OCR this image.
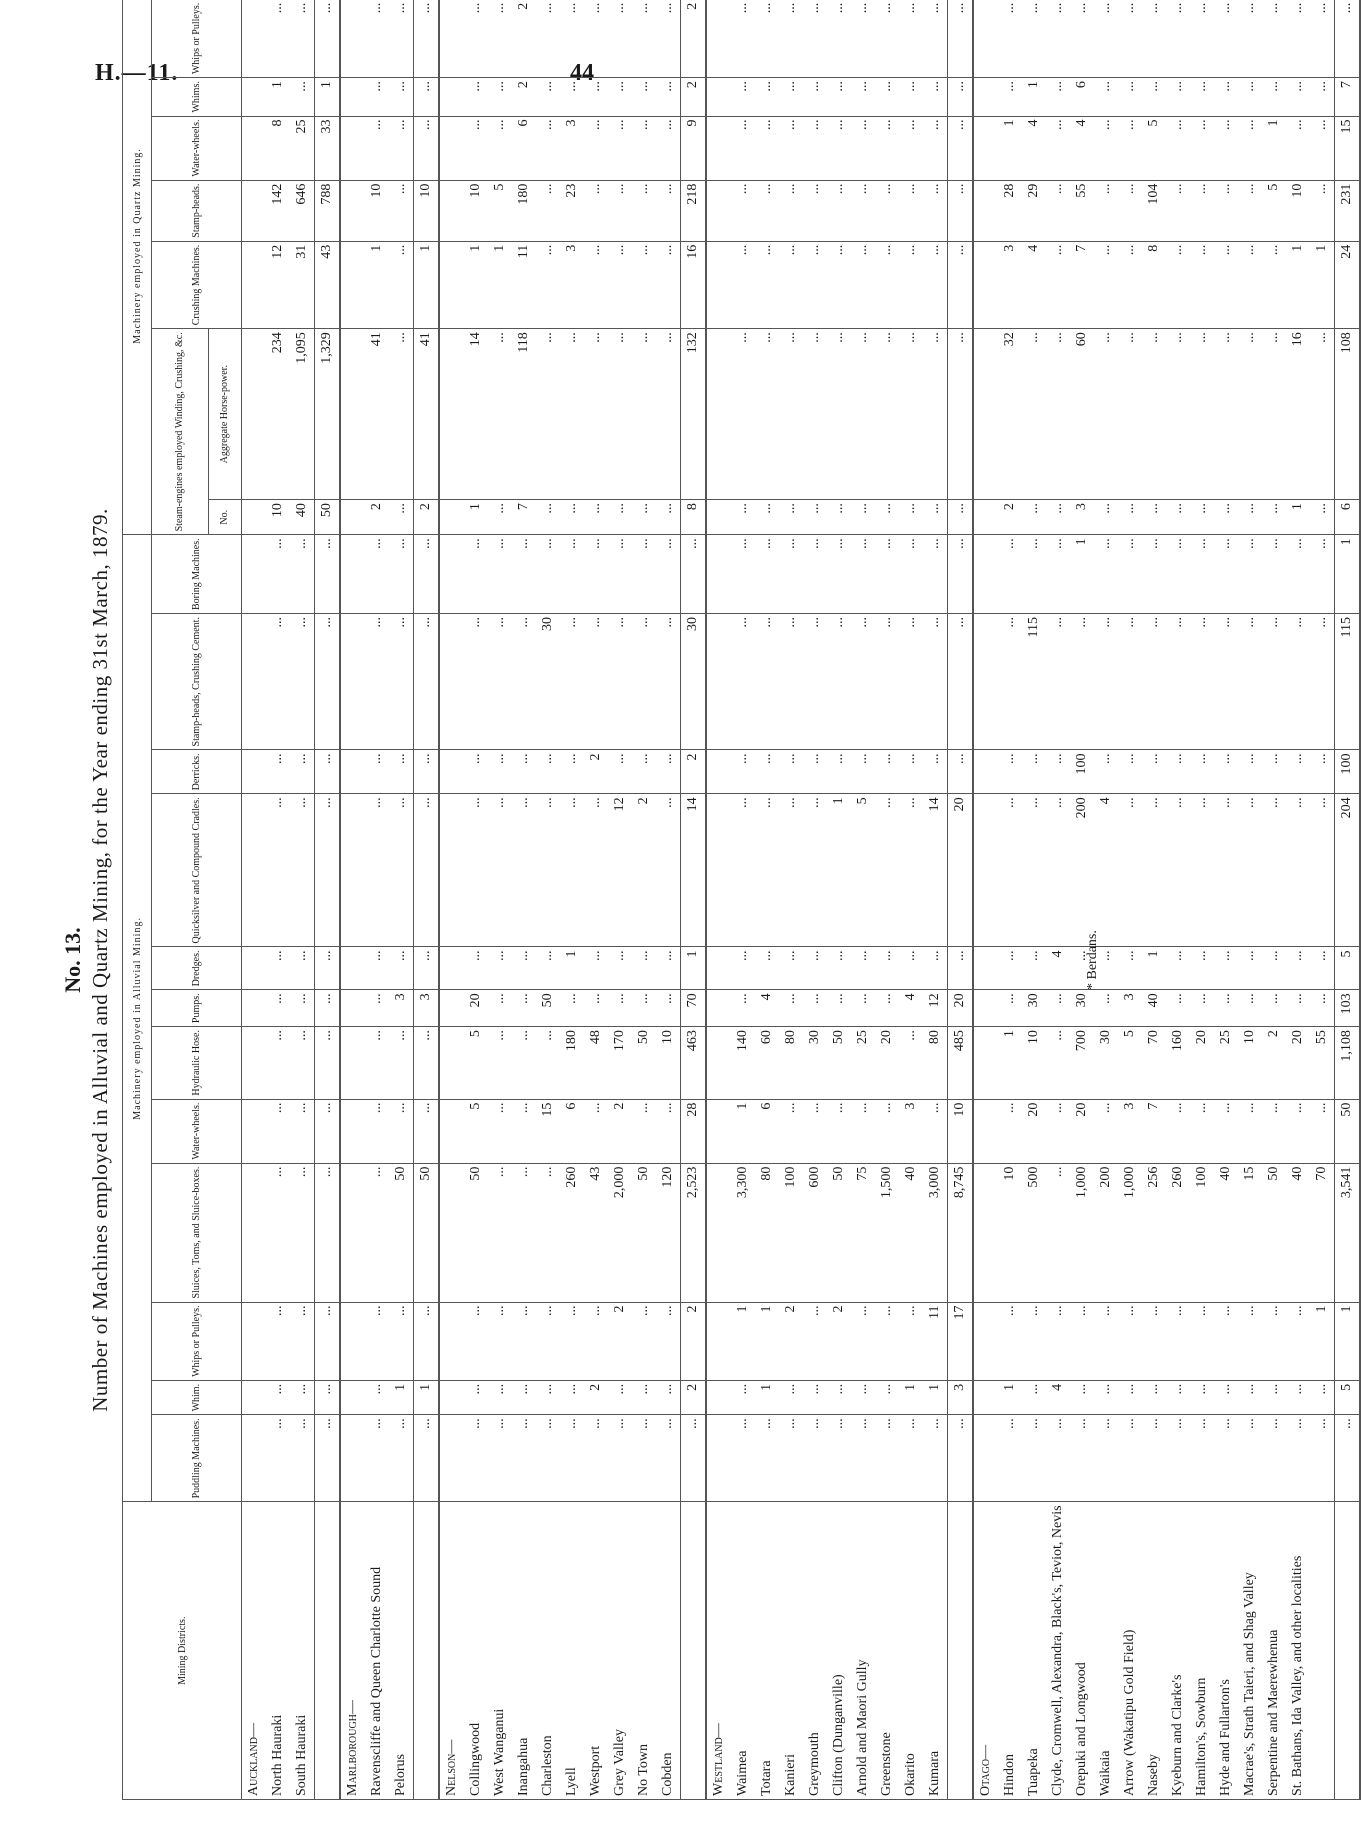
H.—11.	44
No. 13. Number of Machines employed in Alluvial and Quartz Mining, for the Year ending 31st March, 1879.
Mining Districts.	Machinery employed in Alluvial Mining.												Machinery employed in Quartz Mining.	
	Puddling Machines.	Whim.	Whips or Pulleys.	Sluices, Toms, and Sluice-boxes.	Water-wheels.	Hydraulic Hose.	Pumps.	Dredges.	Quicksilver and Compound Cradles.	Derricks.	Stamp-heads, Crushing Cement.	Boring Machines.	Steam-engines employed Winding, Crushing, &c.		Crushing Machines.	Stamp-heads.	Water-wheels.	Whims.	Whips or Pulleys.	
													No.	Aggregate Horse-power.							
Auckland—																					
North Hauraki	...	...	...	...	...	...	...	...	...	...	...	...	10	234	12	142	8	1	...		
South Hauraki	...	...	...	...	...	...	...	...	...	...	...	...	40	1,095	31	646	25	...	...		
	...	...	...	...	...	...	...	...	...	...	...	...	50	1,329	43	788	33	1	...		
Marlborough—																					
Ravenscliffe and Queen Charlotte Sound	...	...	...	...	...	...	...	...	...	...	...	...	2	41	1	10	...	...	...		
Pelorus	...	1	...	50	...	...	3	...	...	...	...	...	...	...	...	...	...	...	...		
	...	1	...	50	...	...	3	...	...	...	...	...	2	41	1	10	...	...	...		
Nelson—																					
Collingwood	...	...	...	50	5	5	20	...	...	...	...	...	1	14	1	10	...	...	...		
West Wanganui	...	...	...	...	...	...	...	...	...	...	...	...	...	...	1	5	...	...	...		
Inangahua	...	...	...	...	...	...	...	...	...	...	...	...	7	118	11	180	6	2	2		
Charleston	...	...	...	...	15	...	50	...	...	...	30	...	...	...	...	...	...	...	...		
Lyell	...	...	...	260	6	180	...	1	...	...	...	...	...	...	3	23	3	...	...		
Westport	...	2	...	43	...	48	...	...	...	2	...	...	...	...	...	...	...	...	...		
Grey Valley	...	...	2	2,000	2	170	...	...	12	...	...	...	...	...	...	...	...	...	...		
No Town	...	...	...	50	...	50	...	...	2	...	...	...	...	...	...	...	...	...	...		
Cobden	...	...	...	120	...	10	...	...	...	...	...	...	...	...	...	...	...	...	...		
	...	2	2	2,523	28	463	70	1	14	2	30	...	8	132	16	218	9	2	2		
Westland—																					
Waimea	...	...	1	3,300	1	140	...	...	...	...	...	...	...	...	...	...	...	...	...		
Totara	...	1	1	80	6	60	4	...	...	...	...	...	...	...	...	...	...	...	...		
Kanieri	...	...	2	100	...	80	...	...	...	...	...	...	...	...	...	...	...	...	...		
Greymouth	...	...	...	600	...	30	...	...	...	...	...	...	...	...	...	...	...	...	...		
Clifton (Dunganville)	...	...	2	50	...	50	...	...	1	...	...	...	...	...	...	...	...	...	...		
Arnold and Maori Gully	...	...	...	75	...	25	...	...	5	...	...	...	...	...	...	...	...	...	...		
Greenstone	...	...	...	1,500	...	20	...	...	...	...	...	...	...	...	...	...	...	...	...		
Okarito	...	1	...	40	3	...	4	...	...	...	...	...	...	...	...	...	...	...	...		
Kumara	...	1	11	3,000	...	80	12	...	14	...	...	...	...	...	...	...	...	...	...		
	...	3	17	8,745	10	485	20	...	20	...	...	...	...	...	...	...	...	...	...		
Otago—																					
Hindon	...	1	...	10	...	1	...	...	...	...	...	...	2	32	3	28	1	...	...		
Tuapeka	...	...	...	500	20	10	30	...	...	...	115	...	...	...	4	29	4	1	...		
Clyde, Cromwell, Alexandra, Black's, Teviot, Nevis	...	4	...	...	...	...	...	4	...	...	...	...	...	...	...	...	...	...	...		
Orepuki and Longwood	...	...	...	1,000	20	700	30	...	200	100	...	1	3	60	7	55	4	6	...		
Waikaia	...	...	...	200	...	30	...	...	4	...	...	...	...	...	...	...	...	...	...		
Arrow (Wakatipu Gold Field)	...	...	...	1,000	3	5	3	...	...	...	...	...	...	...	...	...	...	...	...		
Naseby	...	...	...	256	7	70	40	1	...	...	...	...	...	...	8	104	5	...	...		
Kyeburn and Clarke's	...	...	...	260	...	160	...	...	...	...	...	...	...	...	...	...	...	...	...		
Hamilton's, Sowburn	...	...	...	100	...	20	...	...	...	...	...	...	...	...	...	...	...	...	...		
Hyde and Fullarton's	...	...	...	40	...	25	...	...	...	...	...	...	...	...	...	...	...	...	...		
Macrae's, Strath Taieri, and Shag Valley	...	...	...	15	...	10	...	...	...	...	...	...	...	...	...	...	...	...	...		
Serpentine and Maerewhenua	...	...	...	50	...	2	...	...	...	...	...	...	...	...	...	5	1	...	...		
St. Bathans, Ida Valley, and other localities	...	...	...	40	...	20	...	...	...	...	...	...	1	16	1	10	...	...	...		
	...	...	1	70	...	55	...	...	...	...	...	...	...	...	1	...	...	...	...		
	...	5	1	3,541	50	1,108	103	5	204	100	115	1	6	108	24	231	15	7	...		
* Berdans.
